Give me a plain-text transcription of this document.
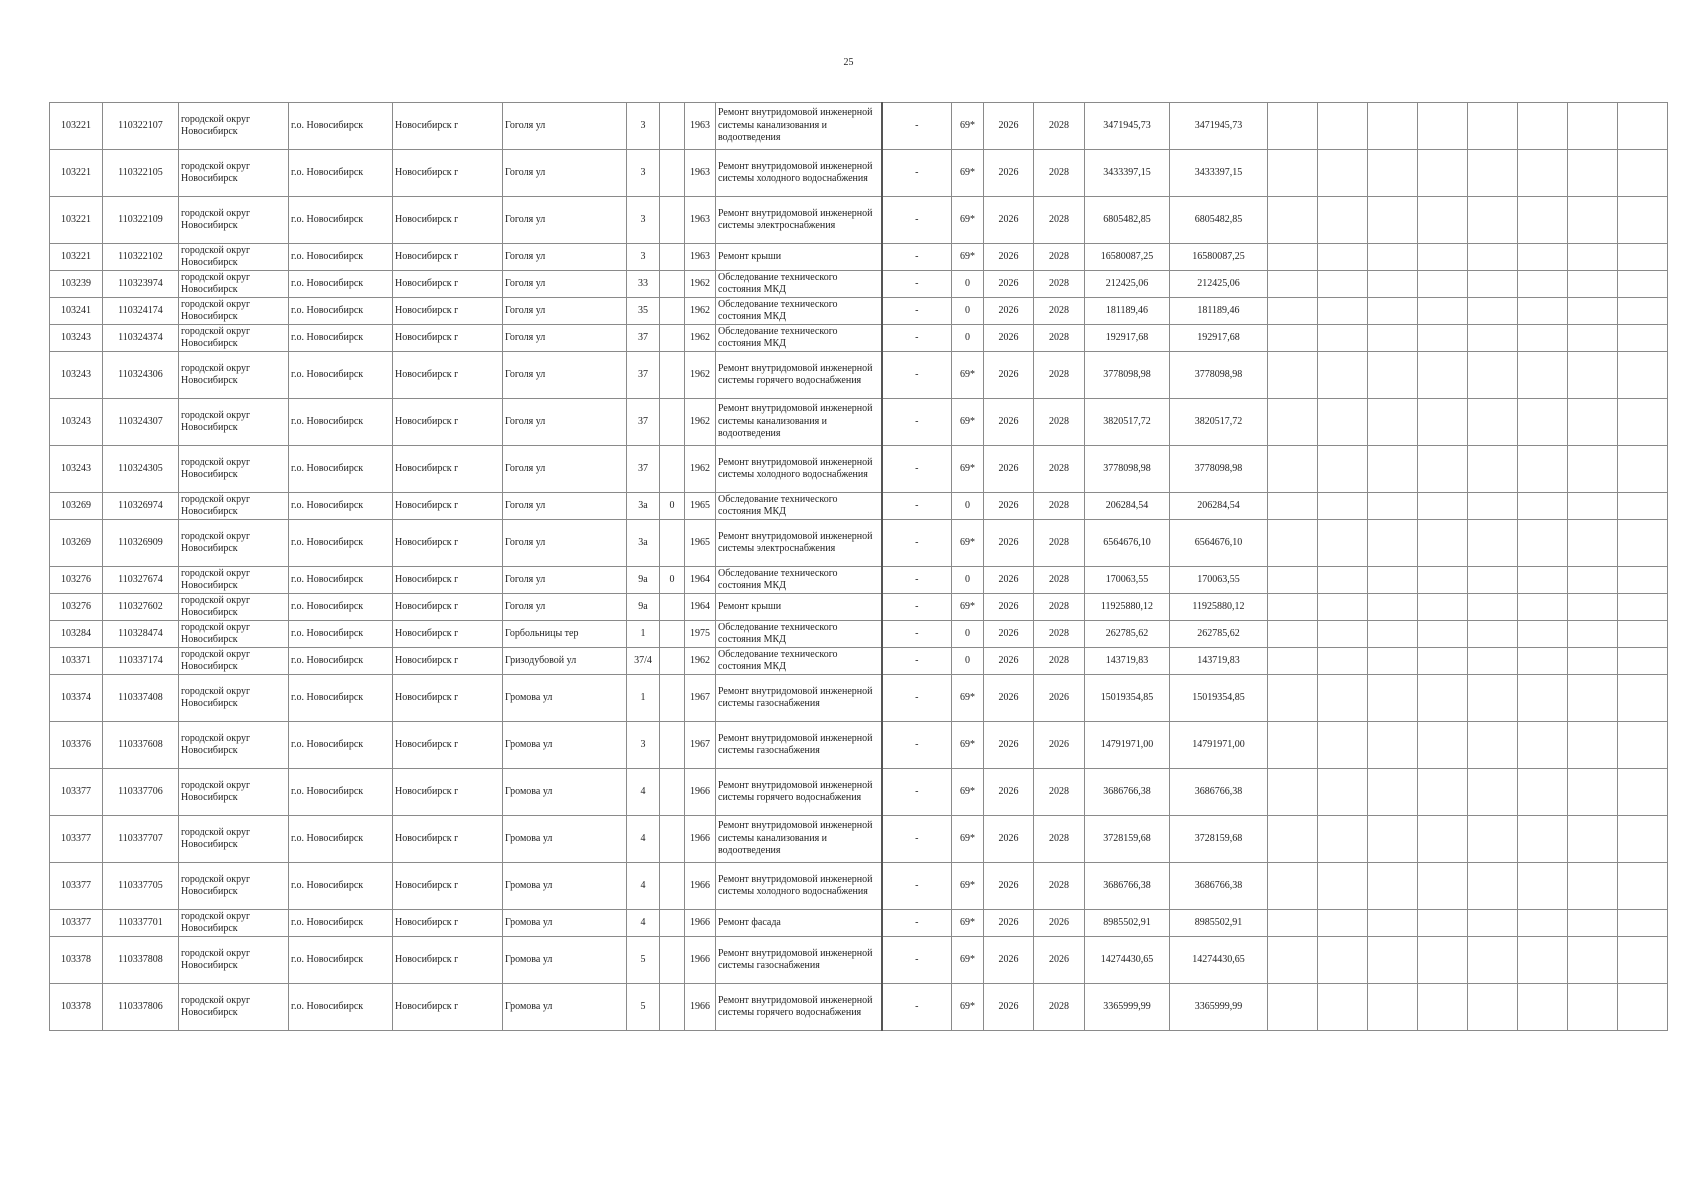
25
103221	110322107	городской округ Новосибирск	г.о. Новосибирск	Новосибирск г	Гоголя ул	3		1963	Ремонт внутридомовой инженерной системы канализования и водоотведения	-	69*	2026	2028	3471945,73	3471945,73								
103221	110322105	городской округ Новосибирск	г.о. Новосибирск	Новосибирск г	Гоголя ул	3		1963	Ремонт внутридомовой инженерной системы холодного водоснабжения	-	69*	2026	2028	3433397,15	3433397,15								
103221	110322109	городской округ Новосибирск	г.о. Новосибирск	Новосибирск г	Гоголя ул	3		1963	Ремонт внутридомовой инженерной системы электроснабжения	-	69*	2026	2028	6805482,85	6805482,85								
103221	110322102	городской округ Новосибирск	г.о. Новосибирск	Новосибирск г	Гоголя ул	3		1963	Ремонт крыши	-	69*	2026	2028	16580087,25	16580087,25								
103239	110323974	городской округ Новосибирск	г.о. Новосибирск	Новосибирск г	Гоголя ул	33		1962	Обследование технического состояния МКД	-	0	2026	2028	212425,06	212425,06								
103241	110324174	городской округ Новосибирск	г.о. Новосибирск	Новосибирск г	Гоголя ул	35		1962	Обследование технического состояния МКД	-	0	2026	2028	181189,46	181189,46								
103243	110324374	городской округ Новосибирск	г.о. Новосибирск	Новосибирск г	Гоголя ул	37		1962	Обследование технического состояния МКД	-	0	2026	2028	192917,68	192917,68								
103243	110324306	городской округ Новосибирск	г.о. Новосибирск	Новосибирск г	Гоголя ул	37		1962	Ремонт внутридомовой инженерной системы горячего водоснабжения	-	69*	2026	2028	3778098,98	3778098,98								
103243	110324307	городской округ Новосибирск	г.о. Новосибирск	Новосибирск г	Гоголя ул	37		1962	Ремонт внутридомовой инженерной системы канализования и водоотведения	-	69*	2026	2028	3820517,72	3820517,72								
103243	110324305	городской округ Новосибирск	г.о. Новосибирск	Новосибирск г	Гоголя ул	37		1962	Ремонт внутридомовой инженерной системы холодного водоснабжения	-	69*	2026	2028	3778098,98	3778098,98								
103269	110326974	городской округ Новосибирск	г.о. Новосибирск	Новосибирск г	Гоголя ул	3а	0	1965	Обследование технического состояния МКД	-	0	2026	2028	206284,54	206284,54								
103269	110326909	городской округ Новосибирск	г.о. Новосибирск	Новосибирск г	Гоголя ул	3а		1965	Ремонт внутридомовой инженерной системы электроснабжения	-	69*	2026	2028	6564676,10	6564676,10								
103276	110327674	городской округ Новосибирск	г.о. Новосибирск	Новосибирск г	Гоголя ул	9а	0	1964	Обследование технического состояния МКД	-	0	2026	2028	170063,55	170063,55								
103276	110327602	городской округ Новосибирск	г.о. Новосибирск	Новосибирск г	Гоголя ул	9а		1964	Ремонт крыши	-	69*	2026	2028	11925880,12	11925880,12								
103284	110328474	городской округ Новосибирск	г.о. Новосибирск	Новосибирск г	Горбольницы тер	1		1975	Обследование технического состояния МКД	-	0	2026	2028	262785,62	262785,62								
103371	110337174	городской округ Новосибирск	г.о. Новосибирск	Новосибирск г	Гризодубовой ул	37/4		1962	Обследование технического состояния МКД	-	0	2026	2028	143719,83	143719,83								
103374	110337408	городской округ Новосибирск	г.о. Новосибирск	Новосибирск г	Громова ул	1		1967	Ремонт внутридомовой инженерной системы газоснабжения	-	69*	2026	2026	15019354,85	15019354,85								
103376	110337608	городской округ Новосибирск	г.о. Новосибирск	Новосибирск г	Громова ул	3		1967	Ремонт внутридомовой инженерной системы газоснабжения	-	69*	2026	2026	14791971,00	14791971,00								
103377	110337706	городской округ Новосибирск	г.о. Новосибирск	Новосибирск г	Громова ул	4		1966	Ремонт внутридомовой инженерной системы горячего водоснабжения	-	69*	2026	2028	3686766,38	3686766,38								
103377	110337707	городской округ Новосибирск	г.о. Новосибирск	Новосибирск г	Громова ул	4		1966	Ремонт внутридомовой инженерной системы канализования и водоотведения	-	69*	2026	2028	3728159,68	3728159,68								
103377	110337705	городской округ Новосибирск	г.о. Новосибирск	Новосибирск г	Громова ул	4		1966	Ремонт внутридомовой инженерной системы холодного водоснабжения	-	69*	2026	2028	3686766,38	3686766,38								
103377	110337701	городской округ Новосибирск	г.о. Новосибирск	Новосибирск г	Громова ул	4		1966	Ремонт фасада	-	69*	2026	2026	8985502,91	8985502,91								
103378	110337808	городской округ Новосибирск	г.о. Новосибирск	Новосибирск г	Громова ул	5		1966	Ремонт внутридомовой инженерной системы газоснабжения	-	69*	2026	2026	14274430,65	14274430,65								
103378	110337806	городской округ Новосибирск	г.о. Новосибирск	Новосибирск г	Громова ул	5		1966	Ремонт внутридомовой инженерной системы горячего водоснабжения	-	69*	2026	2028	3365999,99	3365999,99								
